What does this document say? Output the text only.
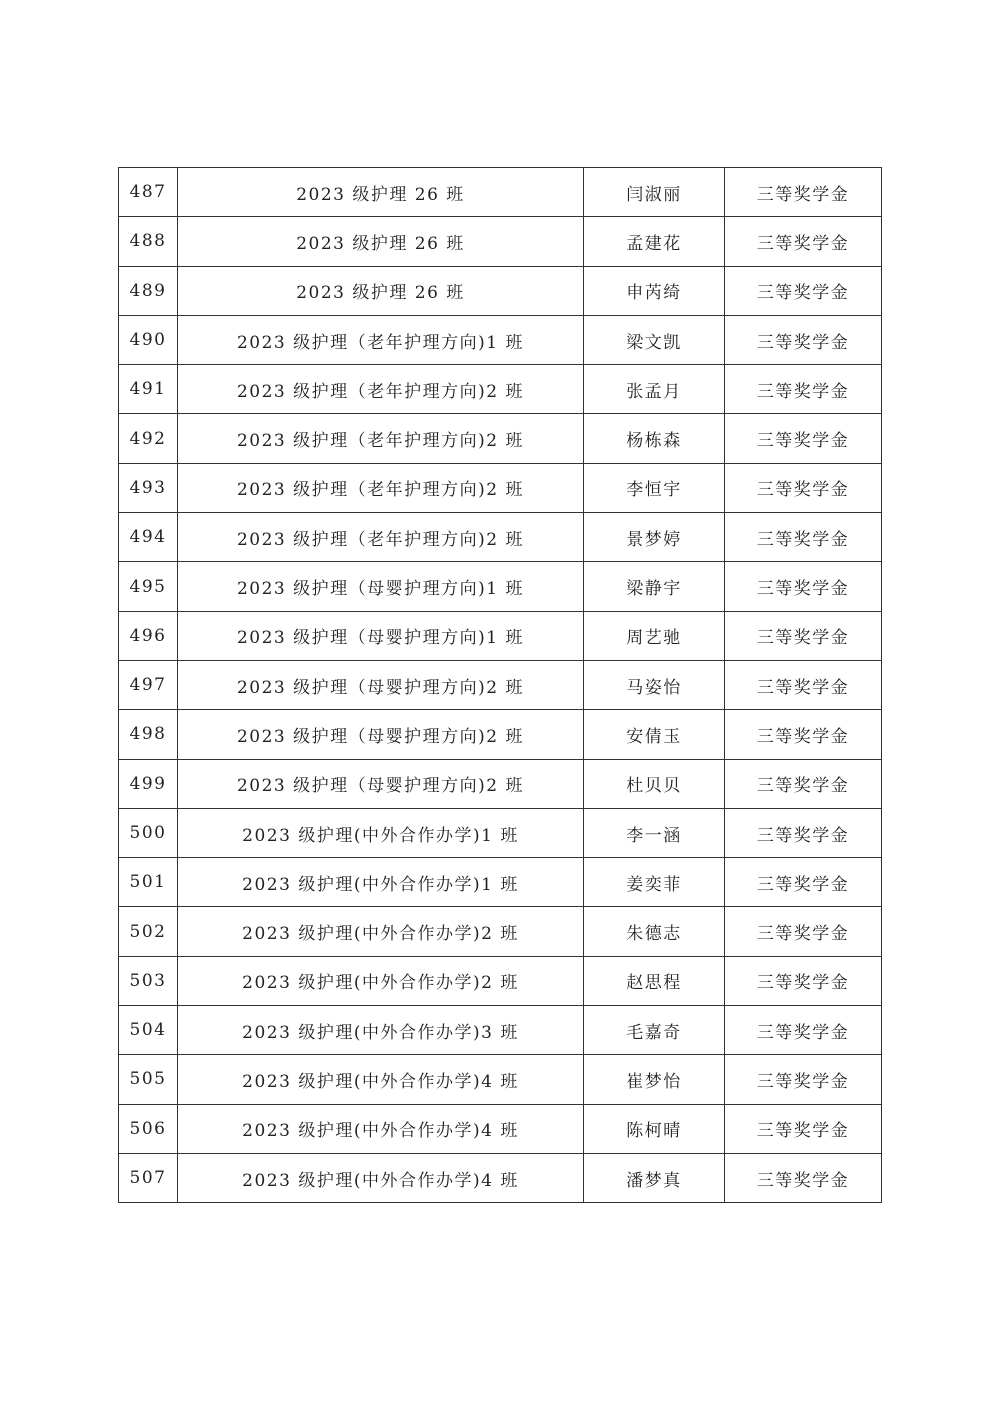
487	2023 级护理 26 班	闫淑丽	三等奖学金
488	2023 级护理 26 班	孟建花	三等奖学金
489	2023 级护理 26 班	申芮绮	三等奖学金
490	2023 级护理（老年护理方向)1 班	梁文凯	三等奖学金
491	2023 级护理（老年护理方向)2 班	张孟月	三等奖学金
492	2023 级护理（老年护理方向)2 班	杨栋森	三等奖学金
493	2023 级护理（老年护理方向)2 班	李恒宇	三等奖学金
494	2023 级护理（老年护理方向)2 班	景梦婷	三等奖学金
495	2023 级护理（母婴护理方向)1 班	梁静宇	三等奖学金
496	2023 级护理（母婴护理方向)1 班	周艺驰	三等奖学金
497	2023 级护理（母婴护理方向)2 班	马姿怡	三等奖学金
498	2023 级护理（母婴护理方向)2 班	安倩玉	三等奖学金
499	2023 级护理（母婴护理方向)2 班	杜贝贝	三等奖学金
500	2023 级护理(中外合作办学)1 班	李一涵	三等奖学金
501	2023 级护理(中外合作办学)1 班	姜奕菲	三等奖学金
502	2023 级护理(中外合作办学)2 班	朱德志	三等奖学金
503	2023 级护理(中外合作办学)2 班	赵思程	三等奖学金
504	2023 级护理(中外合作办学)3 班	毛嘉奇	三等奖学金
505	2023 级护理(中外合作办学)4 班	崔梦怡	三等奖学金
506	2023 级护理(中外合作办学)4 班	陈柯晴	三等奖学金
507	2023 级护理(中外合作办学)4 班	潘梦真	三等奖学金
